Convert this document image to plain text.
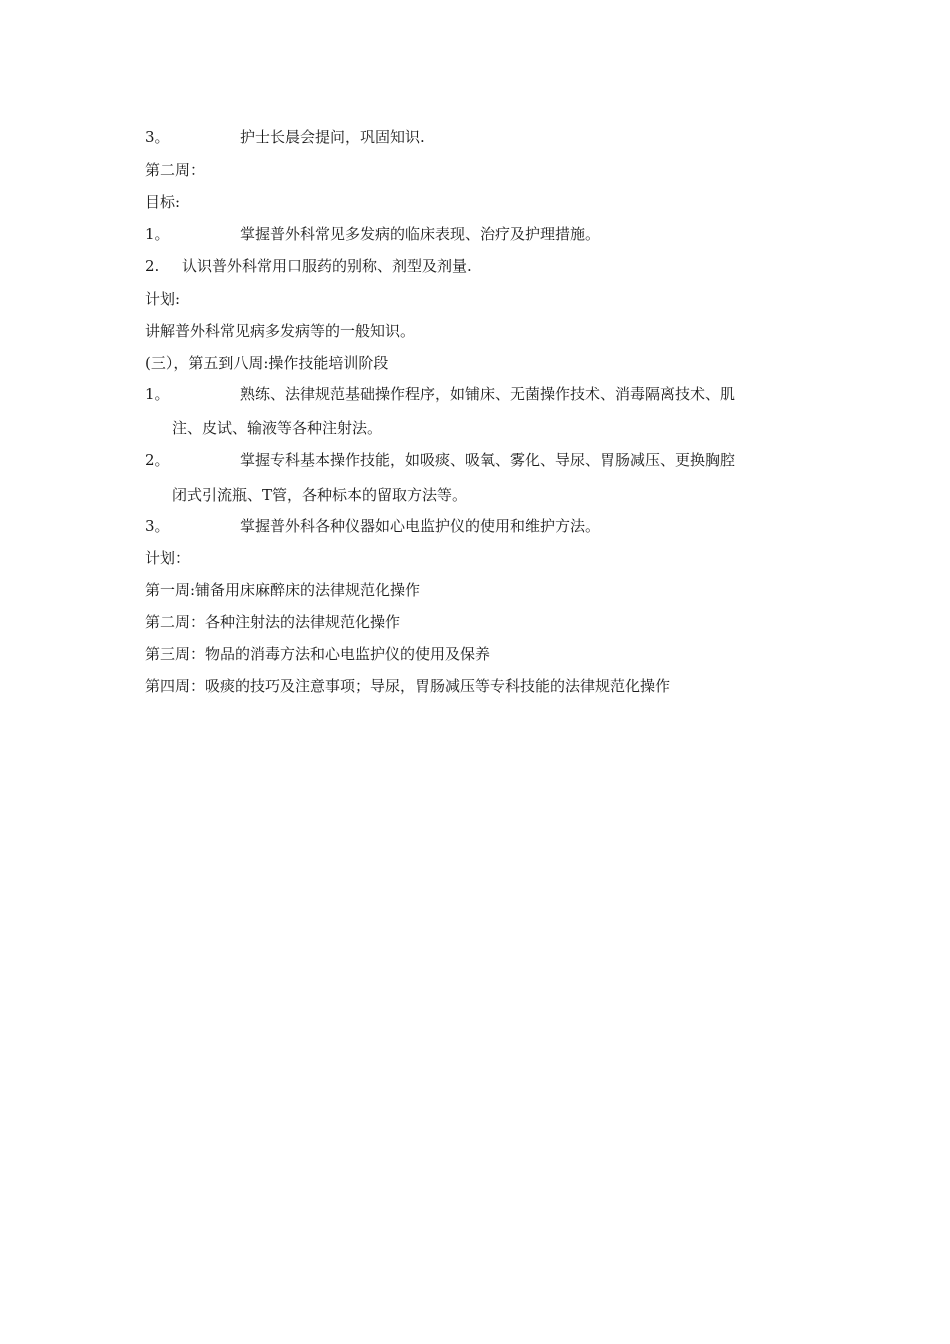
3。	护士长晨会提问，巩固知识.
第二周：
目标:
1。	掌握普外科常见多发病的临床表现、治疗及护理措施。
2. 认识普外科常用口服药的别称、剂型及剂量.
计划:
讲解普外科常见病多发病等的一般知识。
(三），第五到八周:操作技能培训阶段
1。	熟练、法律规范基础操作程序，如铺床、无菌操作技术、消毒隔离技术、肌
注、皮试、输液等各种注射法。
2。	掌握专科基本操作技能，如吸痰、吸氧、雾化、导尿、胃肠减压、更换胸腔
闭式引流瓶、T管，各种标本的留取方法等。
3。	掌握普外科各种仪器如心电监护仪的使用和维护方法。
计划：
第一周:铺备用床麻醉床的法律规范化操作
第二周：各种注射法的法律规范化操作
第三周：物品的消毒方法和心电监护仪的使用及保养
第四周：吸痰的技巧及注意事项；导尿，胃肠减压等专科技能的法律规范化操作
